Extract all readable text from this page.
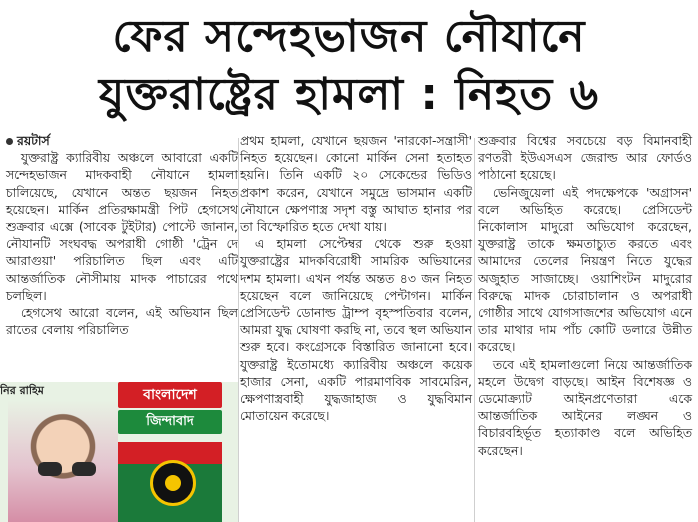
ফের সন্দেহভাজন নৌযানে
যুক্তরাষ্ট্রের হামলা : নিহত ৬
রয়টার্স

যুক্তরাষ্ট্র ক্যারিবীয় অঞ্চলে আবারো একটি সন্দেহভাজন মাদকবাহী নৌযানে হামলা চালিয়েছে, যেখানে অন্তত ছয়জন নিহত হয়েছেন। মার্কিন প্রতিরক্ষামন্ত্রী পিট হেগসেথ শুক্রবার এক্সে (সাবেক টুইটার) পোস্টে জানান, নৌযানটি সংঘবদ্ধ অপরাধী গোষ্ঠী 'ট্রেন দে আরাগুয়া' পরিচালিত ছিল এবং এটি আন্তর্জাতিক নৌসীমায় মাদক পাচারের পথে চলছিল।

হেগসেথ আরো বলেন, এই অভিযান ছিল রাতের বেলায় পরিচালিত

প্রথম হামলা, যেখানে ছয়জন 'নারকো-সন্ত্রাসী' নিহত হয়েছেন। কোনো মার্কিন সেনা হতাহত হয়নি। তিনি একটি ২০ সেকেন্ডের ভিডিও প্রকাশ করেন, যেখানে সমুদ্রে ভাসমান একটি নৌযানে ক্ষেপণাস্ত্র সদৃশ বস্তু আঘাত হানার পর তা বিস্ফোরিত হতে দেখা যায়।

এ হামলা সেপ্টেম্বর থেকে শুরু হওয়া যুক্তরাষ্ট্রের মাদকবিরোধী সামরিক অভিযানের দশম হামলা। এখন পর্যন্ত অন্তত ৪৩ জন নিহত হয়েছেন বলে জানিয়েছে পেন্টাগন। মার্কিন প্রেসিডেন্ট ডোনাল্ড ট্রাম্প বৃহস্পতিবার বলেন, আমরা যুদ্ধ ঘোষণা করছি না, তবে স্থল অভিযান শুরু হবে। কংগ্রেসকে বিস্তারিত জানানো হবে। যুক্তরাষ্ট্র ইতোমধ্যে ক্যারিবীয় অঞ্চলে কয়েক হাজার সেনা, একটি পারমাণবিক সাবমেরিন, ক্ষেপণাস্ত্রবাহী যুদ্ধজাহাজ ও যুদ্ধবিমান মোতায়েন করেছে।

শুক্রবার বিশ্বের সবচেয়ে বড় বিমানবাহী রণতরী ইউএসএস জেরাল্ড আর ফোর্ডও পাঠানো হয়েছে।

ভেনিজুয়েলা এই পদক্ষেপকে 'অগ্রাসন' বলে অভিহিত করেছে। প্রেসিডেন্ট নিকোলাস মাদুরো অভিযোগ করেছেন, যুক্তরাষ্ট্র তাকে ক্ষমতাচ্যুত করতে এবং আমাদের তেলের নিয়ন্ত্রণ নিতে যুদ্ধের অজুহাত সাজাচ্ছে। ওয়াশিংটন মাদুরোর বিরুদ্ধে মাদক চোরাচালান ও অপরাধী গোষ্ঠীর সাথে যোগসাজশের অভিযোগ এনে তার মাথার দাম পাঁচ কোটি ডলারে উন্নীত করেছে।

তবে এই হামলাগুলো নিয়ে আন্তর্জাতিক মহলে উদ্বেগ বাড়ছে। আইন বিশেষজ্ঞ ও ডেমোক্র্যাট আইনপ্রণেতারা একে আন্তর্জাতিক আইনের লঙ্ঘন ও বিচারবহির্ভূত হত্যাকাণ্ড বলে অভিহিত করেছেন।

নির রাহিম	বাংলাদেশ
জিন্দাবাদ
